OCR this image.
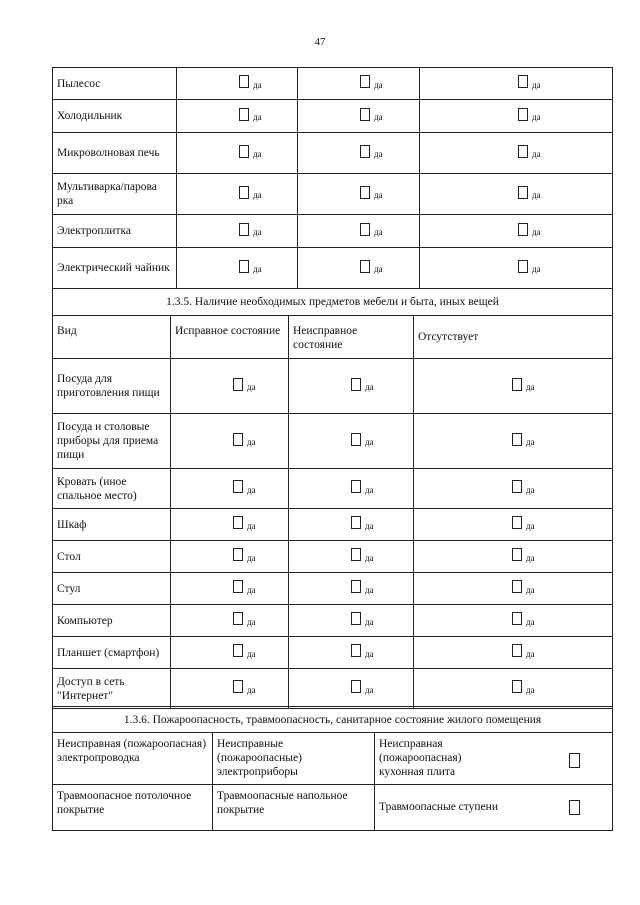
47
Пылесос	да	да	да

Холодильник	да	да	да

Микроволновая печь	да	да	да

Мультиварка/парова рка	да	да	да

Электроплитка	да	да	да

Электрический чайник	да	да	да
1.3.5. Наличие необходимых предметов мебели и быта, иных вещей			
Вид	Исправное состояние	Неисправное состояние	Отсутствует
Посуда для приготовления пищи	да	да	да

Посуда и столовые приборы для приема пищи	да	да	да

Кровать (иное спальное место)	да	да	да

Шкаф	да	да	да

Стол	да	да	да

Стул	да	да	да

Компьютер	да	да	да

Планшет (смартфон)	да	да	да

Доступ в сеть "Интернет"	да	да	да
1.3.6. Пожароопасность, травмоопасность, санитарное состояние жилого помещения		
Неисправная (пожароопасная) электропроводка	Неисправные (пожароопасные) электроприборы	Неисправная (пожароопасная) кухонная плита
Травмоопасное потолочное покрытие	Травмоопасные напольное покрытие	Травмоопасные ступени
